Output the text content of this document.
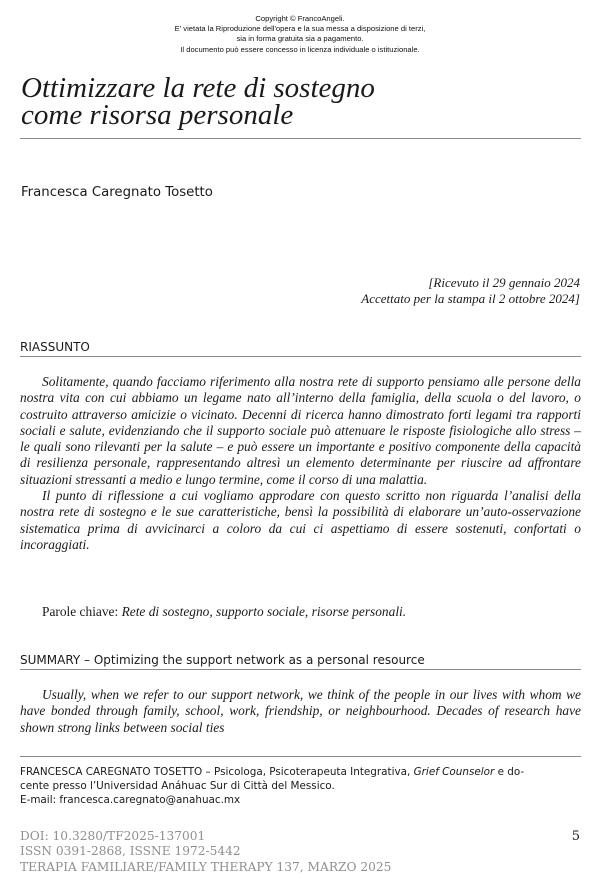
Copyright © FrancoAngeli.
E' vietata la Riproduzione dell'opera e la sua messa a disposizione di terzi,
sia in forma gratuita sia a pagamento.
Il documento può essere concesso in licenza individuale o istituzionale.
Ottimizzare la rete di sostegno
come risorsa personale
Francesca Caregnato Tosetto
[Ricevuto il 29 gennaio 2024
Accettato per la stampa il 2 ottobre 2024]
RIASSUNTO

Solitamente, quando facciamo riferimento alla nostra rete di supporto pensiamo alle persone della nostra vita con cui abbiamo un legame nato all’interno della famiglia, della scuola o del lavoro, o costruito attraverso amicizie o vicinato. Decenni di ricerca hanno dimostrato forti legami tra rapporti sociali e salute, evidenziando che il supporto sociale può attenuare le risposte fisiologiche allo stress – le quali sono rilevanti per la salute – e può essere un importante e positivo componente della capacità di resilienza personale, rappresentando altresì un elemento determinante per riuscire ad affrontare situazioni stressanti a medio e lungo termine, come il corso di una malattia.

Il punto di riflessione a cui vogliamo approdare con questo scritto non riguarda l’analisi della nostra rete di sostegno e le sue caratteristiche, bensì la possibilità di elaborare un’auto-osservazione sistematica prima di avvicinarci a coloro da cui ci aspettiamo di essere sostenuti, confortati o incoraggiati.

Parole chiave: Rete di sostegno, supporto sociale, risorse personali.
SUMMARY – Optimizing the support network as a personal resource

Usually, when we refer to our support network, we think of the people in our lives with whom we have bonded through family, school, work, friendship, or neighbourhood. Decades of research have shown strong links between social ties

FRANCESCA CAREGNATO TOSETTO – Psicologa, Psicoterapeuta Integrativa, Grief Counselor e do-
cente presso l’Universidad Anáhuac Sur di Città del Messico.
E-mail: francesca.caregnato@anahuac.mx
DOI: 10.3280/TF2025-137001
ISSN 0391-2868, ISSNE 1972-5442
TERAPIA FAMILIARE/FAMILY THERAPY 137, MARZO 2025
5
